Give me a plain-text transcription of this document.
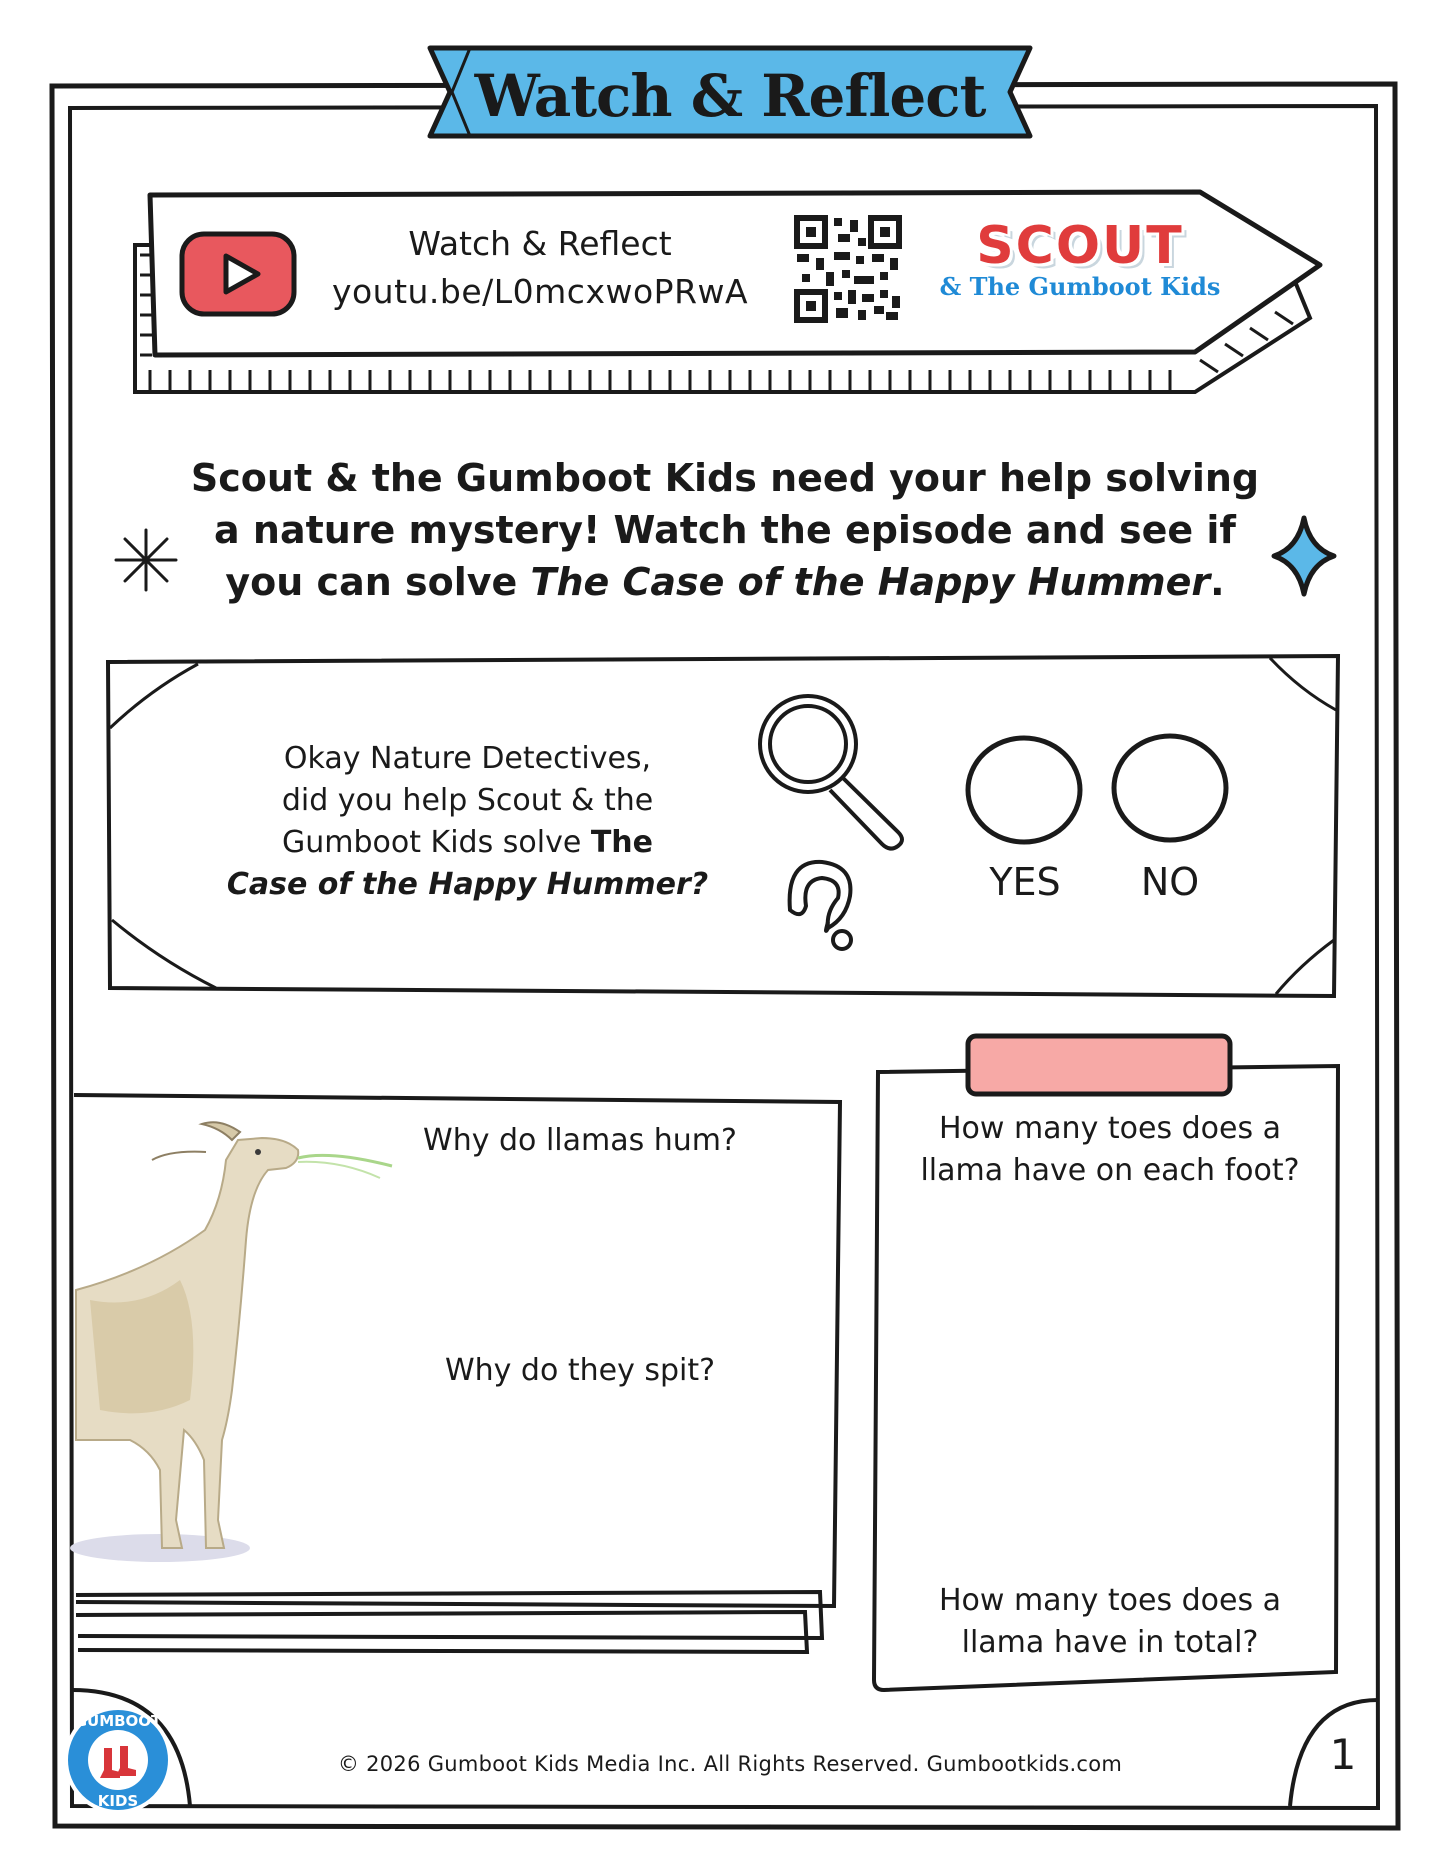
GUMBOOT
KIDS
Watch & Reflect
Watch & Reflect
youtu.be/L0mcxwoPRwA
SCOUT
& The Gumboot Kids
Scout & the Gumboot Kids need your help solving
a nature mystery! Watch the episode and see if
you can solve The Case of the Happy Hummer.
Okay Nature Detectives,
did you help Scout & the
Gumboot Kids solve The
Case of the Happy Hummer?	YES	NO
Why do llamas hum?
Why do they spit?
How many toes does a
llama have on each foot?
How many toes does a
llama have in total?
© 2026 Gumboot Kids Media Inc. All Rights Reserved. Gumbootkids.com	1
